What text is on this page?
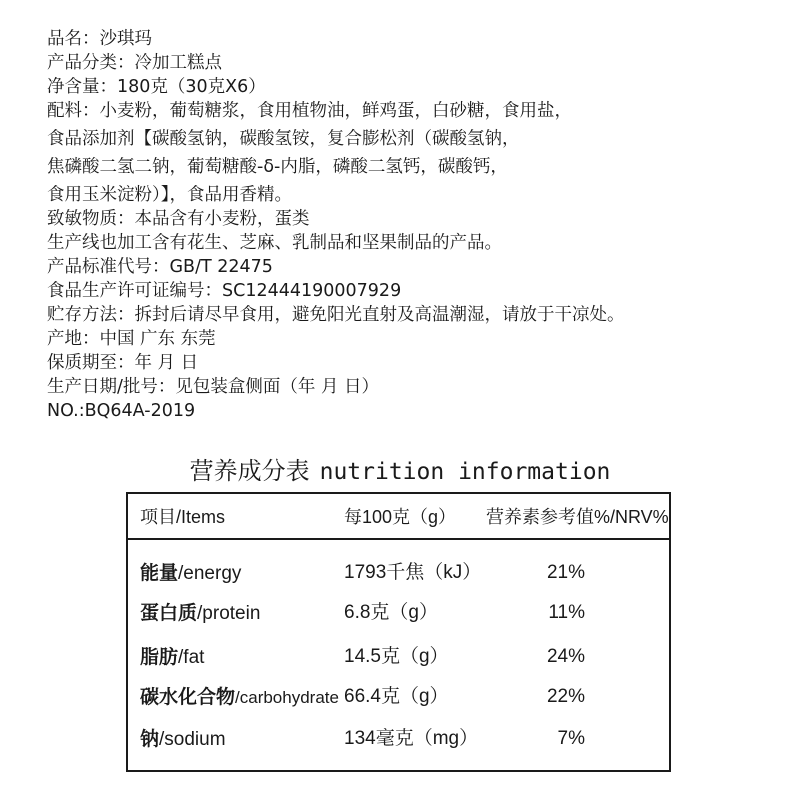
品名：沙琪玛
产品分类：冷加工糕点
净含量：180克（30克X6）
配料：小麦粉，葡萄糖浆，食用植物油，鲜鸡蛋，白砂糖，食用盐，
食品添加剂【碳酸氢钠，碳酸氢铵，复合膨松剂（碳酸氢钠，
焦磷酸二氢二钠，葡萄糖酸-δ-内脂，磷酸二氢钙，碳酸钙，
食用玉米淀粉）】，食品用香精。
致敏物质：本品含有小麦粉，蛋类
生产线也加工含有花生、芝麻、乳制品和坚果制品的产品。
产品标准代号：GB/T 22475
食品生产许可证编号：SC12444190007929
贮存方法：拆封后请尽早食用，避免阳光直射及高温潮湿，请放于干凉处。
产地：中国 广东 东莞
保质期至：年 月 日
生产日期/批号：见包装盒侧面（年 月 日）
NO.:BQ64A-2019
营养成分表 nutrition information
项目/Items	每100克（g） 营养素参考值%/NRV%
能量/energy	1793千焦（kJ）	21%
蛋白质/protein	6.8克（g）	11%
脂肪/fat	14.5克（g）	24%
碳水化合物/carbohydrate 66.4克（g）	22%
钠/sodium	134毫克（mg）	7%
